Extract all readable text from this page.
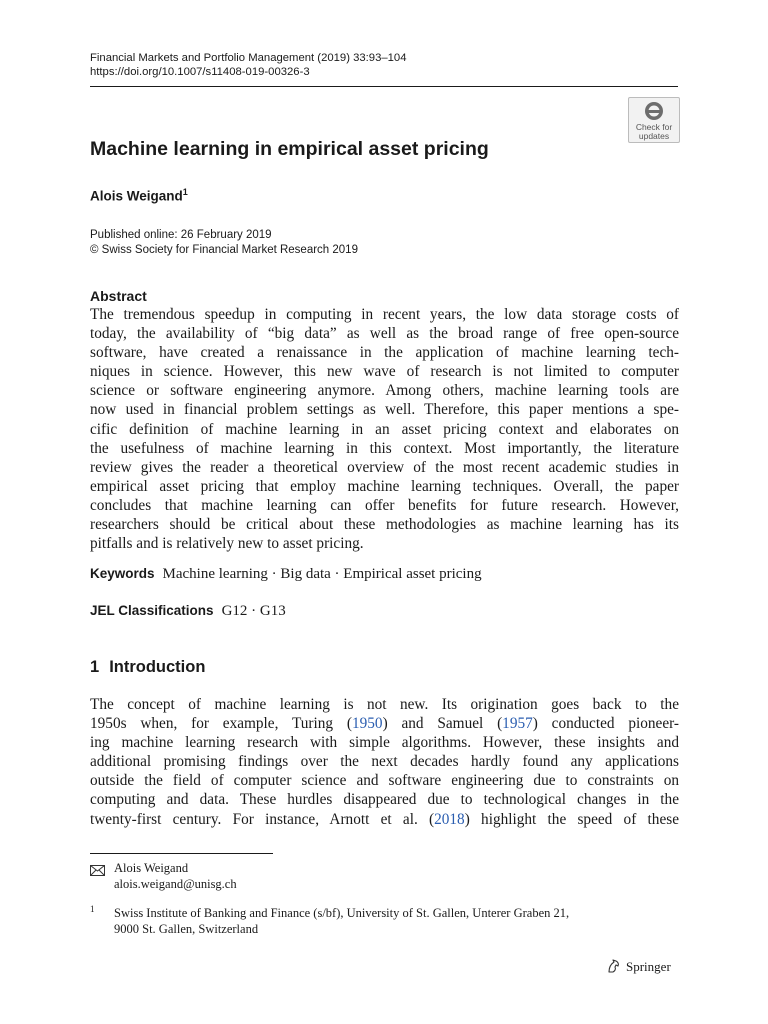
Financial Markets and Portfolio Management (2019) 33:93–104
https://doi.org/10.1007/s11408-019-00326-3
Check for
updates
Machine learning in empirical asset pricing
Alois Weigand$^1$
Published online: 26 February 2019
© Swiss Society for Financial Market Research 2019
Abstract
The tremendous speedup in computing in recent years, the low data storage costs of
today, the availability of “big data” as well as the broad range of free open-source
software, have created a renaissance in the application of machine learning tech-
niques in science. However, this new wave of research is not limited to computer
science or software engineering anymore. Among others, machine learning tools are
now used in financial problem settings as well. Therefore, this paper mentions a spe-
cific definition of machine learning in an asset pricing context and elaborates on
the usefulness of machine learning in this context. Most importantly, the literature
review gives the reader a theoretical overview of the most recent academic studies in
empirical asset pricing that employ machine learning techniques. Overall, the paper
concludes that machine learning can offer benefits for future research. However,
researchers should be critical about these methodologies as machine learning has its
pitfalls and is relatively new to asset pricing.
Keywords Machine learning · Big data · Empirical asset pricing
JEL Classifications G12 · G13
1 Introduction
The concept of machine learning is not new. Its origination goes back to the
1950s when, for example, Turing (1950) and Samuel (1957) conducted pioneer-
ing machine learning research with simple algorithms. However, these insights and
additional promising findings over the next decades hardly found any applications
outside the field of computer science and software engineering due to constraints on
computing and data. These hurdles disappeared due to technological changes in the
twenty-first century. For instance, Arnott et al. (2018) highlight the speed of these
Alois Weigand
alois.weigand@unisg.ch
1 Swiss Institute of Banking and Finance (s/bf), University of St. Gallen, Unterer Graben 21,
9000 St. Gallen, Switzerland
Springer
